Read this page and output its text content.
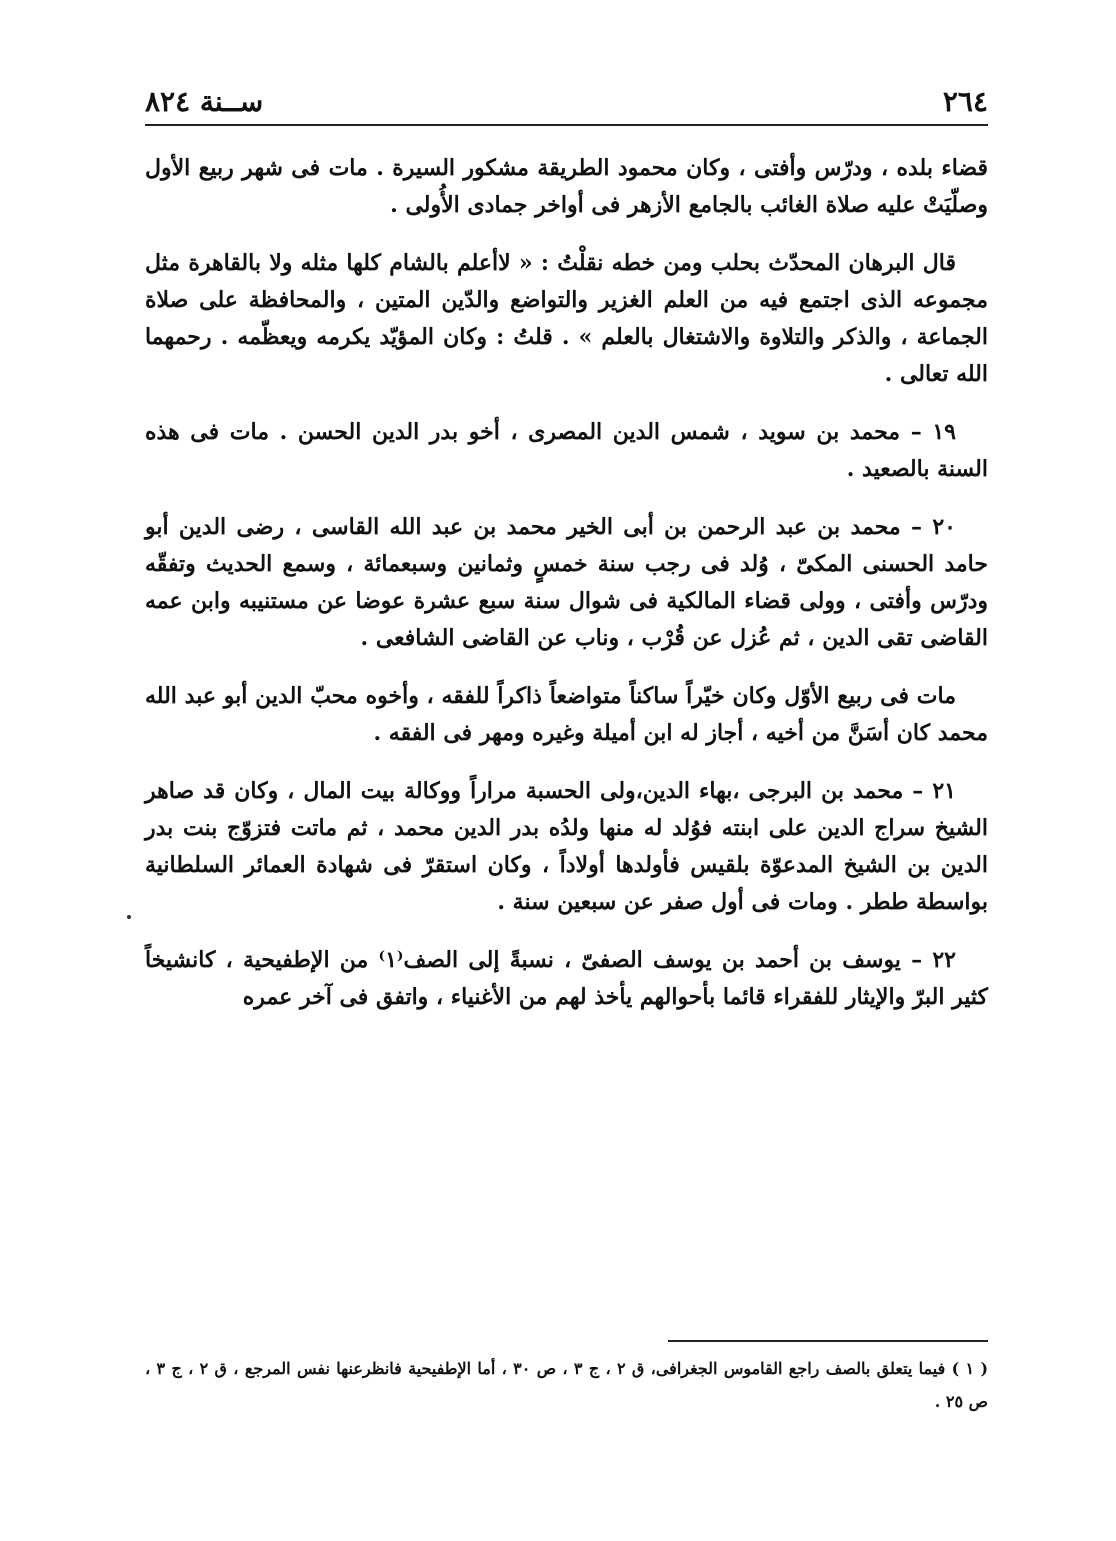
٢٦٤
ســنة ٨٢٤

قضاء بلده ، ودرّس وأفتى ، وكان محمود الطريقة مشكور السيرة . مات فى شهر ربيع الأول وصلّيَتْ عليه صلاة الغائب بالجامع الأزهر فى أواخر جمادى الأُولى .

قال البرهان المحدّث بحلب ومن خطه نقلْتُ : « لاأعلم بالشام كلها مثله ولا بالقاهرة مثل مجموعه الذى اجتمع فيه من العلم الغزير والتواضع والدّين المتين ، والمحافظة على صلاة الجماعة ، والذكر والتلاوة والاشتغال بالعلم » . قلتُ : وكان المؤيّد يكرمه ويعظّمه . رحمهما الله تعالى .

١٩ – محمد بن سويد ، شمس الدين المصرى ، أخو بدر الدين الحسن . مات فى هذه السنة بالصعيد .

٢٠ – محمد بن عبد الرحمن بن أبى الخير محمد بن عبد الله القاسى ، رضى الدين أبو حامد الحسنى المكىّ ، وُلد فى رجب سنة خمسٍ وثمانين وسبعمائة ، وسمع الحديث وتفقّه ودرّس وأفتى ، وولى قضاء المالكية فى شوال سنة سبع عشرة عوضا عن مستنيبه وابن عمه القاضى تقى الدين ، ثم عُزل عن قُرْب ، وناب عن القاضى الشافعى .

مات فى ربيع الأوّل وكان خيّراً ساكناً متواضعاً ذاكراً للفقه ، وأخوه محبّ الدين أبو عبد الله محمد كان أسَنَّ من أخيه ، أجاز له ابن أميلة وغيره ومهر فى الفقه .

٢١ – محمد بن البرجى ،بهاء الدين،ولى الحسبة مراراً ووكالة بيت المال ، وكان قد صاهر الشيخ سراج الدين على ابنته فوُلد له منها ولدُه بدر الدين محمد ، ثم ماتت فتزوّج بنت بدر الدين بن الشيخ المدعوّة بلقيس فأولدها أولاداً ، وكان استقرّ فى شهادة العمائر السلطانية بواسطة ططر . ومات فى أول صفر عن سبعين سنة .

٢٢ – يوسف بن أحمد بن يوسف الصفىّ ، نسبةً إلى الصف⁽١⁾ من الإطفيحية ، كانشيخاً كثير البرّ والإيثار للفقراء قائما بأحوالهم يأخذ لهم من الأغنياء ، واتفق فى آخر عمره

( ١ ) فيما يتعلق بالصف راجع القاموس الجغرافى، ق ٢ ، ج ٣ ، ص ٣٠ ، أما الإطفيحية فانظرعنها نفس المرجع ، ق ٢ ، ج ٣ ، ص ٢٥ .
